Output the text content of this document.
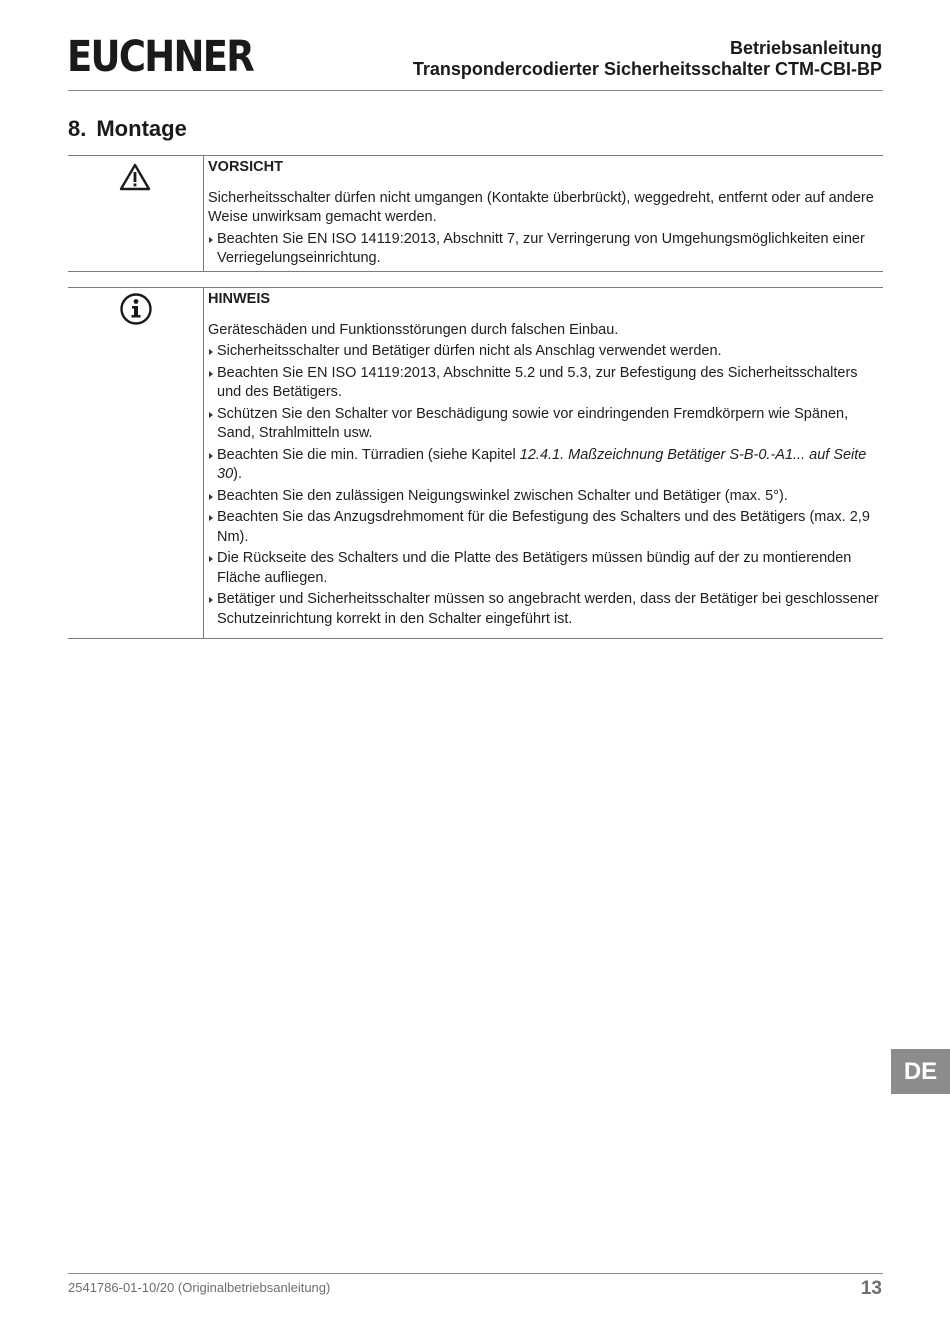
EUCHNER	Betriebsanleitung
Transpondercodierter Sicherheitsschalter CTM-CBI-BP
8. Montage
VORSICHT
Sicherheitsschalter dürfen nicht umgangen (Kontakte überbrückt), weggedreht, entfernt oder auf andere Weise unwirksam gemacht werden.
Beachten Sie EN ISO 14119:2013, Abschnitt 7, zur Verringerung von Umgehungsmöglichkeiten einer Verriegelungseinrichtung.
HINWEIS
Geräteschäden und Funktionsstörungen durch falschen Einbau.
Sicherheitsschalter und Betätiger dürfen nicht als Anschlag verwendet werden.
Beachten Sie EN ISO 14119:2013, Abschnitte 5.2 und 5.3, zur Befestigung des Sicherheitsschalters und des Betätigers.
Schützen Sie den Schalter vor Beschädigung sowie vor eindringenden Fremdkörpern wie Spänen, Sand, Strahlmitteln usw.
Beachten Sie die min. Türradien (siehe Kapitel 12.4.1. Maßzeichnung Betätiger S-B-0.-A1... auf Seite 30).
Beachten Sie den zulässigen Neigungswinkel zwischen Schalter und Betätiger (max. 5°).
Beachten Sie das Anzugsdrehmoment für die Befestigung des Schalters und des Betätigers (max. 2,9 Nm).
Die Rückseite des Schalters und die Platte des Betätigers müssen bündig auf der zu montierenden Fläche aufliegen.
Betätiger und Sicherheitsschalter müssen so angebracht werden, dass der Betätiger bei geschlossener Schutzeinrichtung korrekt in den Schalter eingeführt ist.
DE
2541786-01-10/20 (Originalbetriebsanleitung)	13
